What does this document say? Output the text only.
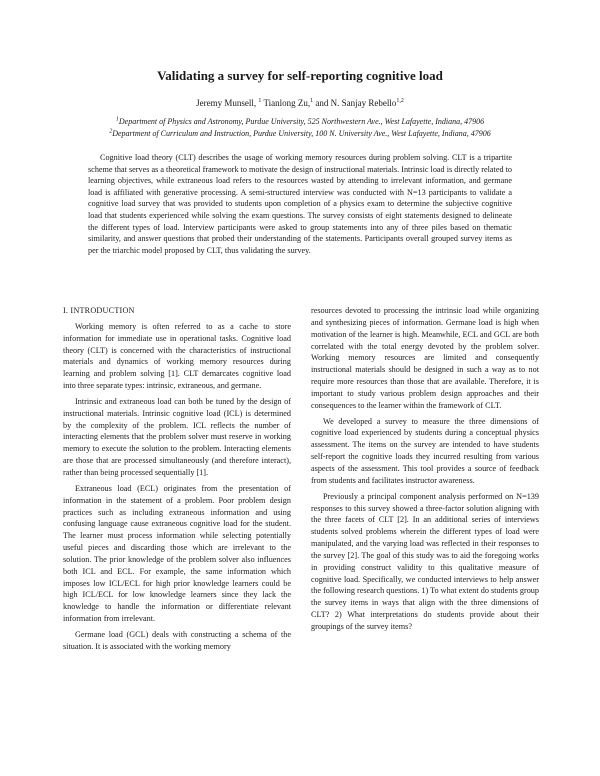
Validating a survey for self-reporting cognitive load
Jeremy Munsell, $^1$ Tianlong Zu,$^1$ and N. Sanjay Rebello$^{1,2}$
$^1$Department of Physics and Astronomy, Purdue University, 525 Northwestern Ave., West Lafayette, Indiana, 47906
$^2$Department of Curriculum and Instruction, Purdue University, 100 N. University Ave., West Lafayette, Indiana, 47906

Cognitive load theory (CLT) describes the usage of working memory resources during problem solving. CLT is a tripartite scheme that serves as a theoretical framework to motivate the design of instructional materials. Intrinsic load is directly related to learning objectives, while extraneous load refers to the resources wasted by attending to irrelevant information, and germane load is affiliated with generative processing. A semi-structured interview was conducted with N=13 participants to validate a cognitive load survey that was provided to students upon completion of a physics exam to determine the subjective cognitive load that students experienced while solving the exam questions. The survey consists of eight statements designed to delineate the different types of load. Interview participants were asked to group statements into any of three piles based on thematic similarity, and answer questions that probed their understanding of the statements. Participants overall grouped survey items as per the triarchic model proposed by CLT, thus validating the survey.

I. INTRODUCTION

Working memory is often referred to as a cache to store information for immediate use in operational tasks. Cognitive load theory (CLT) is concerned with the characteristics of instructional materials and dynamics of working memory resources during learning and problem solving [1]. CLT demarcates cognitive load into three separate types: intrinsic, extraneous, and germane.

Intrinsic and extraneous load can both be tuned by the design of instructional materials. Intrinsic cognitive load (ICL) is determined by the complexity of the problem. ICL reflects the number of interacting elements that the problem solver must reserve in working memory to execute the solution to the problem. Interacting elements are those that are processed simultaneously (and therefore interact), rather than being processed sequentially [1].

Extraneous load (ECL) originates from the presentation of information in the statement of a problem. Poor problem design practices such as including extraneous information and using confusing language cause extraneous cognitive load for the student. The learner must process information while selecting potentially useful pieces and discarding those which are irrelevant to the solution. The prior knowledge of the problem solver also influences both ICL and ECL. For example, the same information which imposes low ICL/ECL for high prior knowledge learners could be high ICL/ECL for low knowledge learners since they lack the knowledge to handle the information or differentiate relevant information from irrelevant.

Germane load (GCL) deals with constructing a schema of the situation. It is associated with the working memory

resources devoted to processing the intrinsic load while organizing and synthesizing pieces of information. Germane load is high when motivation of the learner is high. Meanwhile, ECL and GCL are both correlated with the total energy devoted by the problem solver. Working memory resources are limited and consequently instructional materials should be designed in such a way as to not require more resources than those that are available. Therefore, it is important to study various problem design approaches and their consequences to the learner within the framework of CLT.

We developed a survey to measure the three dimensions of cognitive load experienced by students during a conceptual physics assessment. The items on the survey are intended to have students self-report the cognitive loads they incurred resulting from various aspects of the assessment. This tool provides a source of feedback from students and facilitates instructor awareness.

Previously a principal component analysis performed on N=139 responses to this survey showed a three-factor solution aligning with the three facets of CLT [2]. In an additional series of interviews students solved problems wherein the different types of load were manipulated, and the varying load was reflected in their responses to the survey [2]. The goal of this study was to aid the foregoing works in providing construct validity to this qualitative measure of cognitive load. Specifically, we conducted interviews to help answer the following research questions. 1) To what extent do students group the survey items in ways that align with the three dimensions of CLT? 2) What interpretations do students provide about their groupings of the survey items?
